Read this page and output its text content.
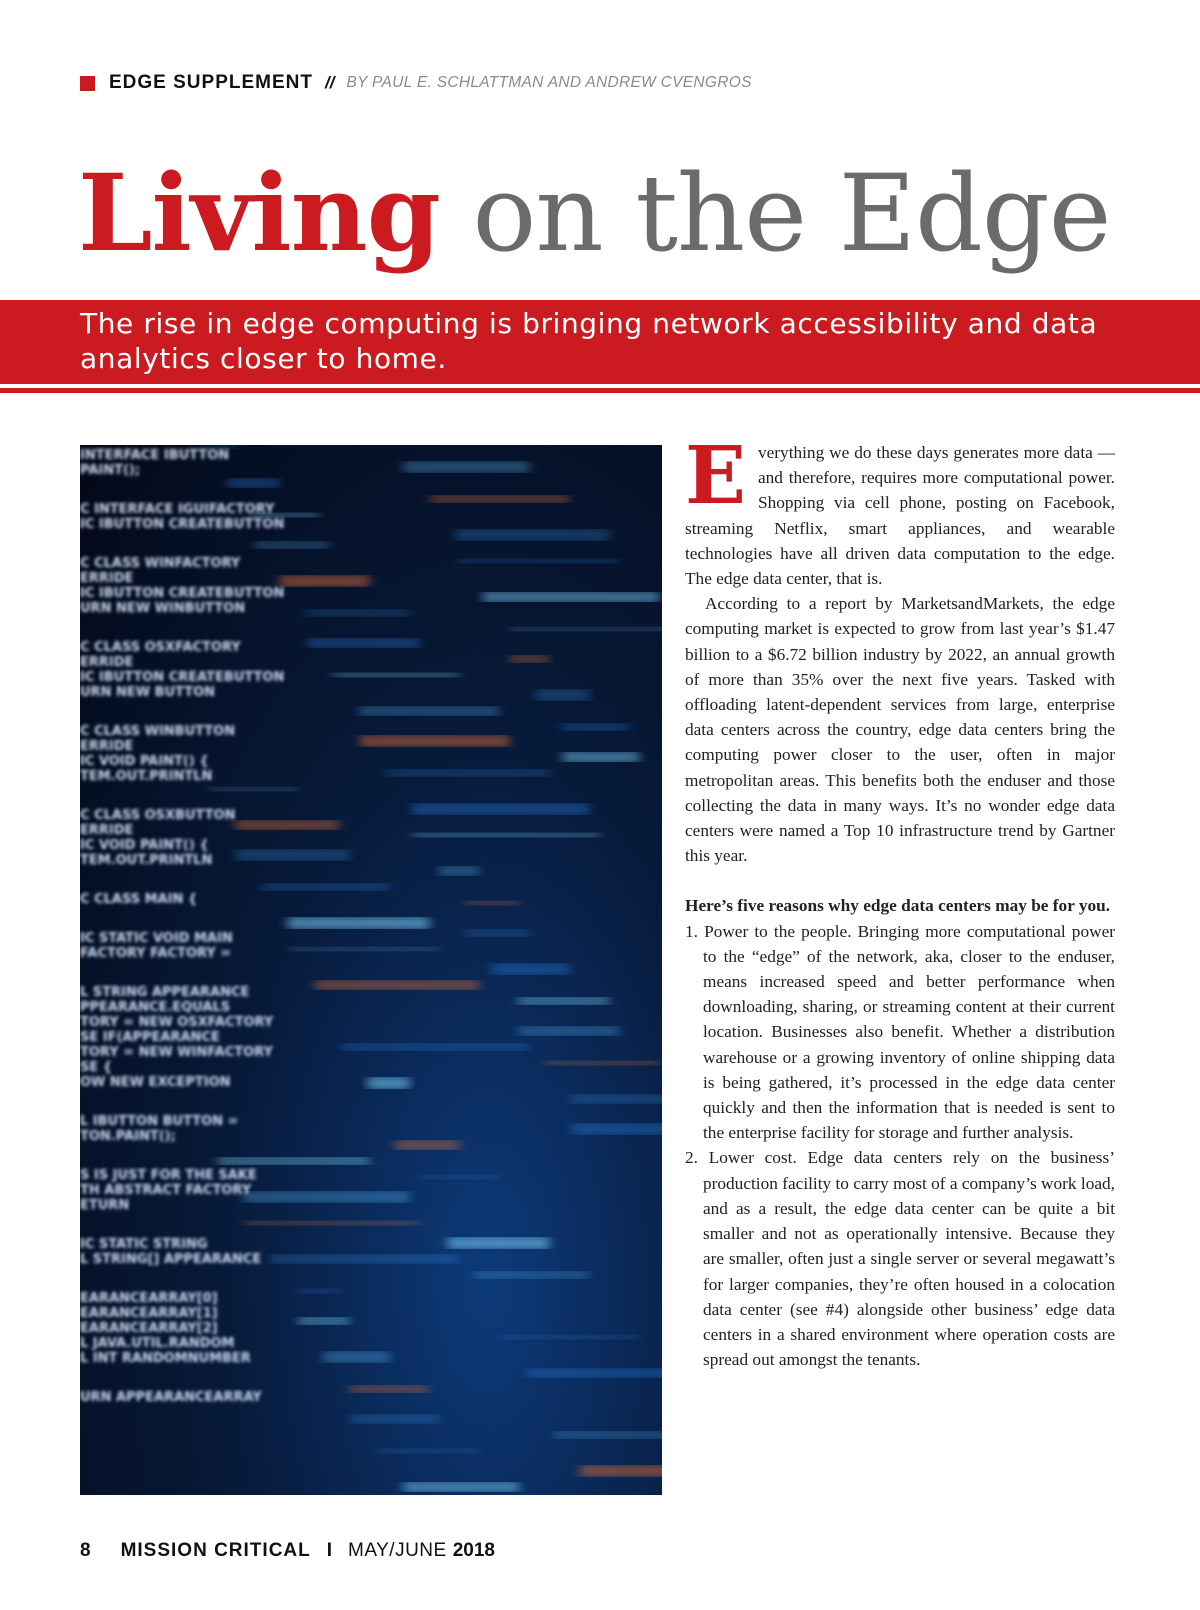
EDGE SUPPLEMENT // BY PAUL E. SCHLATTMAN AND ANDREW CVENGROS
Living on the Edge
The rise in edge computing is bringing network accessibility and data analytics closer to home.
INTERFACE IBUTTON
PAINT();
C INTERFACE IGUIFACTORY
IC IBUTTON CREATEBUTTON
C CLASS WINFACTORY
ERRIDE
IC IBUTTON CREATEBUTTON
URN NEW WINBUTTON
C CLASS OSXFACTORY
ERRIDE
IC IBUTTON CREATEBUTTON
URN NEW BUTTON
C CLASS WINBUTTON
ERRIDE
IC VOID PAINT() {
TEM.OUT.PRINTLN
C CLASS OSXBUTTON
ERRIDE
IC VOID PAINT() {
TEM.OUT.PRINTLN
C CLASS MAIN {
IC STATIC VOID MAIN
FACTORY FACTORY =
L STRING APPEARANCE
PPEARANCE.EQUALS
TORY = NEW OSXFACTORY
SE IF(APPEARANCE
TORY = NEW WINFACTORY
SE {
OW NEW EXCEPTION
L IBUTTON BUTTON =
TON.PAINT();
S IS JUST FOR THE SAKE
TH ABSTRACT FACTORY
ETURN
IC STATIC STRING
L STRING[] APPEARANCE
EARANCEARRAY[0]
EARANCEARRAY[1]
EARANCEARRAY[2]
L JAVA.UTIL.RANDOM
L INT RANDOMNUMBER
URN APPEARANCEARRAY

Everything we do these days generates more data — and therefore, requires more computational power. Shopping via cell phone, posting on Facebook, streaming Netflix, smart appliances, and wearable technologies have all driven data computation to the edge. The edge data center, that is.

According to a report by MarketsandMarkets, the edge computing market is expected to grow from last year’s $1.47 billion to a $6.72 billion industry by 2022, an annual growth of more than 35% over the next five years. Tasked with offloading latent-dependent services from large, enterprise data centers across the country, edge data centers bring the computing power closer to the user, often in major metropolitan areas. This benefits both the enduser and those collecting the data in many ways. It’s no wonder edge data centers were named a Top 10 infrastructure trend by Gartner this year.

Here’s five reasons why edge data centers may be for you.

1. Power to the people. Bringing more computational power to the “edge” of the network, aka, closer to the enduser, means increased speed and better performance when downloading, sharing, or streaming content at their current location. Businesses also benefit. Whether a distribution warehouse or a growing inventory of online shipping data is being gathered, it’s processed in the edge data center quickly and then the information that is needed is sent to the enterprise facility for storage and further analysis.
2. Lower cost. Edge data centers rely on the business’ production facility to carry most of a company’s work load, and as a result, the edge data center can be quite a bit smaller and not as operationally intensive. Because they are smaller, often just a single server or several megawatt’s for larger companies, they’re often housed in a colocation data center (see #4) alongside other business’ edge data centers in a shared environment where operation costs are spread out amongst the tenants.
8 MISSION CRITICAL I MAY/JUNE 2018
